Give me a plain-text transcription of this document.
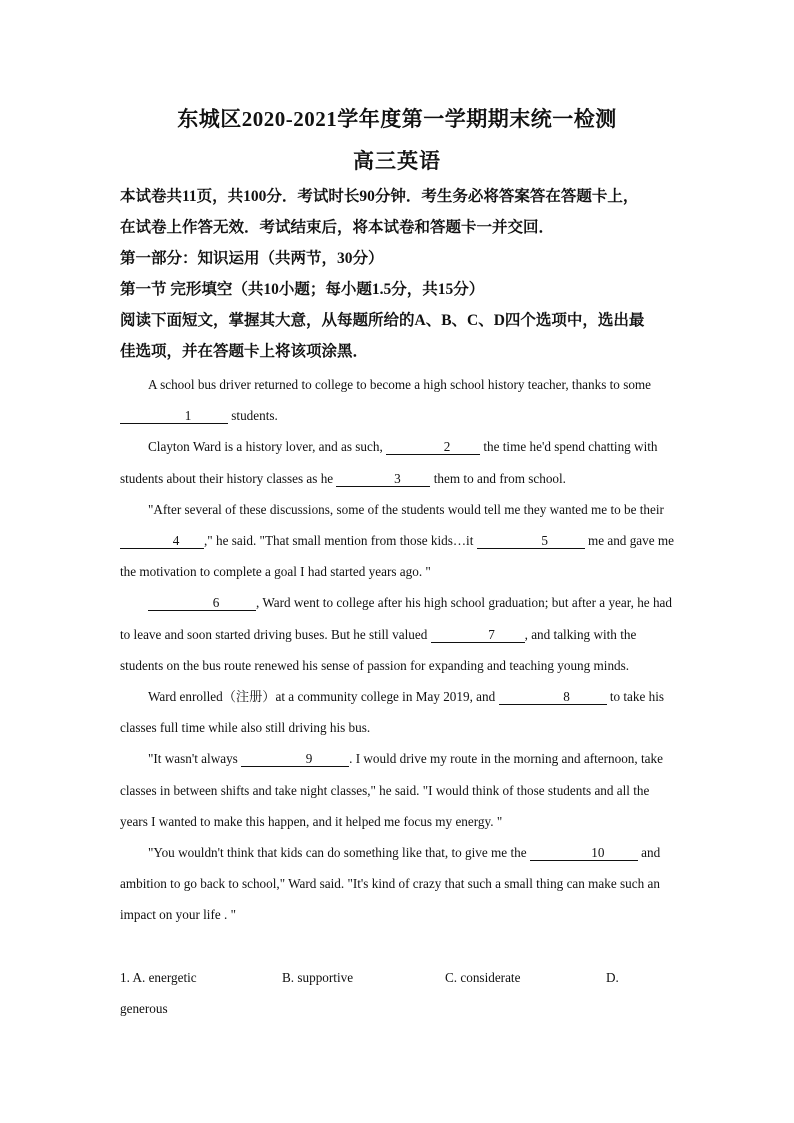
东城区2020-2021学年度第一学期期末统一检测
高三英语

本试卷共11页，共100分．考试时长90分钟．考生务必将答案答在答题卡上，

在试卷上作答无效．考试结束后，将本试卷和答题卡一并交回．

第一部分：知识运用（共两节，30分）

第一节 完形填空（共10小题；每小题1.5分，共15分）

阅读下面短文，掌握其大意，从每题所给的A、B、C、D四个选项中，选出最

佳选项，并在答题卡上将该项涂黑．

A school bus driver returned to college to become a high school history teacher, thanks to some 1	students.

Clayton Ward is a history lover, and as such,	2 the time he'd spend chatting with students about their history classes as he	3 them to and from school.

"After several of these discussions, some of the students would tell me they wanted me to be their 4 ," he said. "That small mention from those kids…it	5	me and gave me the motivation to complete a goal I had started years ago. "

6	, Ward went to college after his high school graduation; but after a year, he had to leave and soon started driving buses. But he still valued	7 , and talking with the students on the bus route renewed his sense of passion for expanding and teaching young minds.

Ward enrolled（注册）at a community college in May 2019, and	8	to take his classes full time while also still driving his bus.

"It wasn't always	9	. I would drive my route in the morning and afternoon, take classes in between shifts and take night classes," he said. "I would think of those students and all the years I wanted to make this happen, and it helped me focus my energy. "

"You wouldn't think that kids can do something like that, to give me the	10	and ambition to go back to school," Ward said. "It's kind of crazy that such a small thing can make such an impact on your life . "

1. A. energetic	B. supportive	C. considerate	D.
generous
